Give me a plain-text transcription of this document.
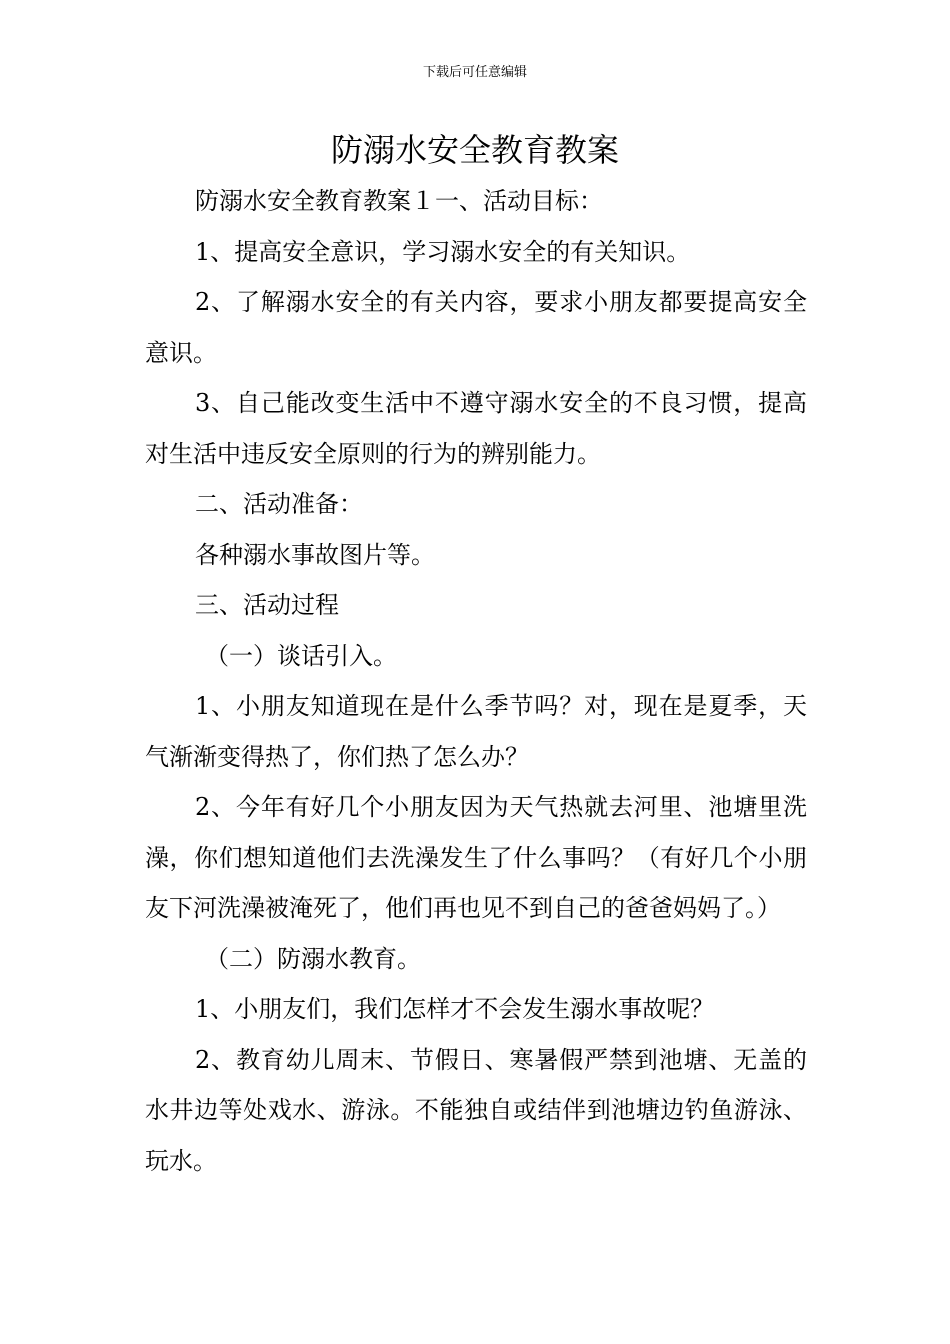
下载后可任意编辑
防溺水安全教育教案

防溺水安全教育教案１一、活动目标：

1、提高安全意识，学习溺水安全的有关知识。

2、了解溺水安全的有关内容，要求小朋友都要提高安全意识。

3、自己能改变生活中不遵守溺水安全的不良习惯，提高对生活中违反安全原则的行为的辨别能力。

二、活动准备：

各种溺水事故图片等。

三、活动过程

（一）谈话引入。

1、小朋友知道现在是什么季节吗？对，现在是夏季，天气渐渐变得热了，你们热了怎么办？

2、今年有好几个小朋友因为天气热就去河里、池塘里洗澡，你们想知道他们去洗澡发生了什么事吗？（有好几个小朋友下河洗澡被淹死了，他们再也见不到自己的爸爸妈妈了。）

（二）防溺水教育。

1、小朋友们，我们怎样才不会发生溺水事故呢？

2、教育幼儿周末、节假日、寒暑假严禁到池塘、无盖的水井边等处戏水、游泳。不能独自或结伴到池塘边钓鱼游泳、玩水。
